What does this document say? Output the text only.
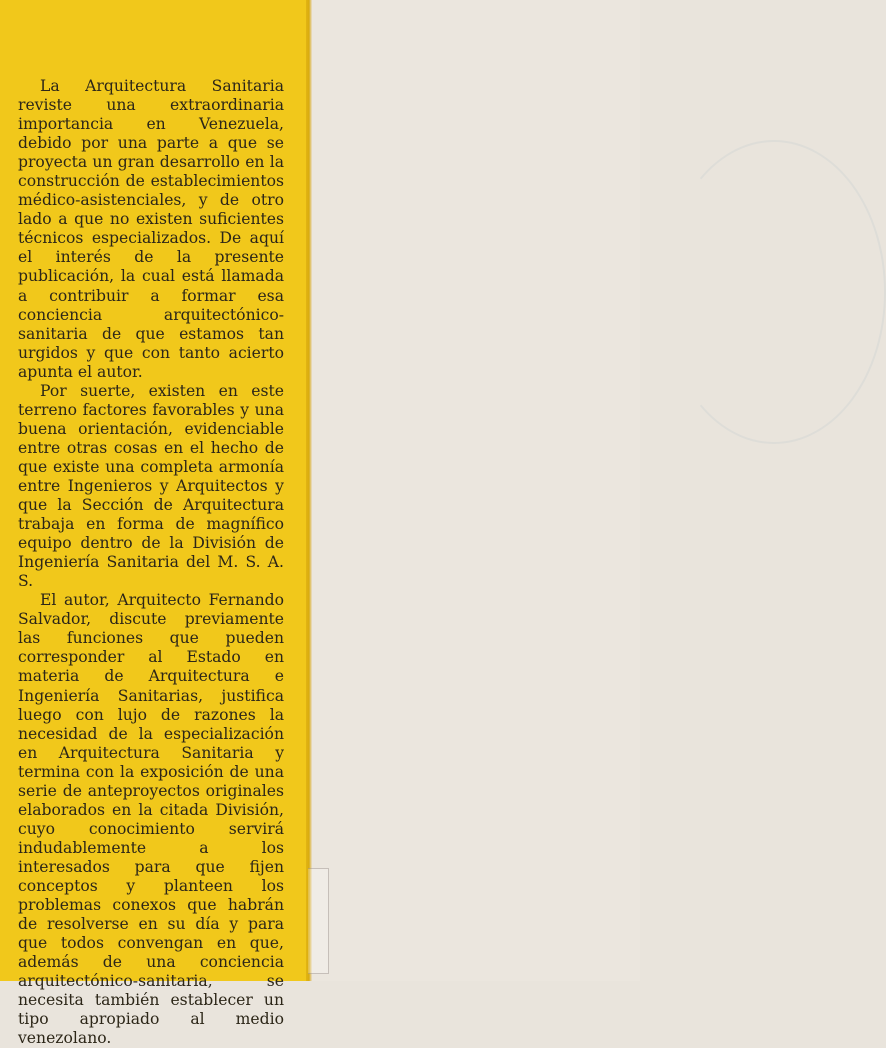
La Arquitectura Sanitaria reviste una extraordinaria importancia en Venezuela, debido por una parte a que se proyecta un gran desarrollo en la construcción de establecimientos médico-asistenciales, y de otro lado a que no existen suficientes técnicos especializados. De aquí el interés de la presente publicación, la cual está llamada a contribuir a formar esa conciencia arquitectónico-sanitaria de que estamos tan urgidos y que con tanto acierto apunta el autor.

Por suerte, existen en este terreno factores favorables y una buena orientación, evidenciable entre otras cosas en el hecho de que existe una completa armonía entre Ingenieros y Arquitectos y que la Sección de Arquitectura trabaja en forma de magnífico equipo dentro de la División de Ingeniería Sanitaria del M. S. A. S.

El autor, Arquitecto Fernando Salvador, discute previamente las funciones que pueden corresponder al Estado en materia de Arquitectura e Ingeniería Sanitarias, justifica luego con lujo de razones la necesidad de la especialización en Arquitectura Sanitaria y termina con la exposición de una serie de anteproyectos originales elaborados en la citada División, cuyo conocimiento servirá indudablemente a los interesados para que fijen conceptos y planteen los problemas conexos que habrán de resolverse en su día y para que todos convengan en que, además de una conciencia arquitectónico-sanitaria, se necesita también establecer un tipo apropiado al medio venezolano.
